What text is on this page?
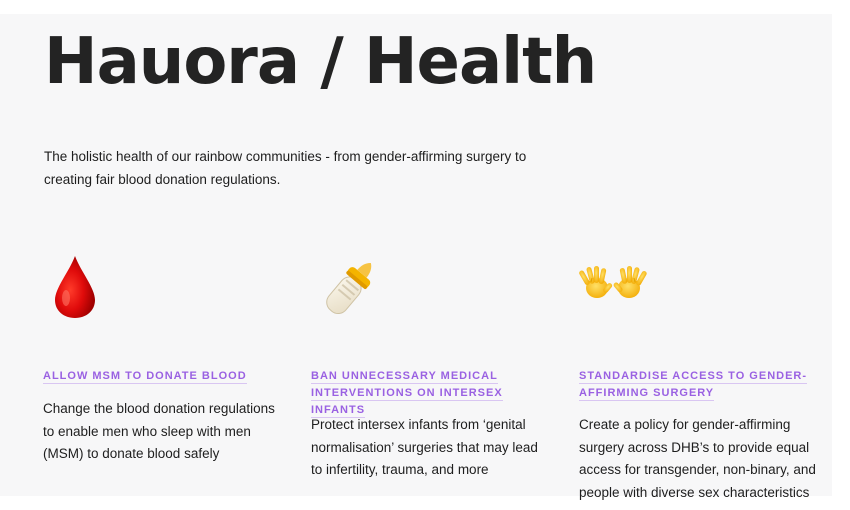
Hauora / Health

The holistic health of our rainbow communities - from gender-affirming surgery to creating fair blood donation regulations.

ALLOW MSM TO DONATE BLOOD

Change the blood donation regulations to enable men who sleep with men (MSM) to donate blood safely

BAN UNNECESSARY MEDICAL INTERVENTIONS ON INTERSEX INFANTS

Protect intersex infants from ‘genital normalisation’ surgeries that may lead to infertility, trauma, and more

STANDARDISE ACCESS TO GENDER-AFFIRMING SURGERY

Create a policy for gender-affirming surgery across DHB’s to provide equal access for transgender, non-binary, and people with diverse sex characteristics
